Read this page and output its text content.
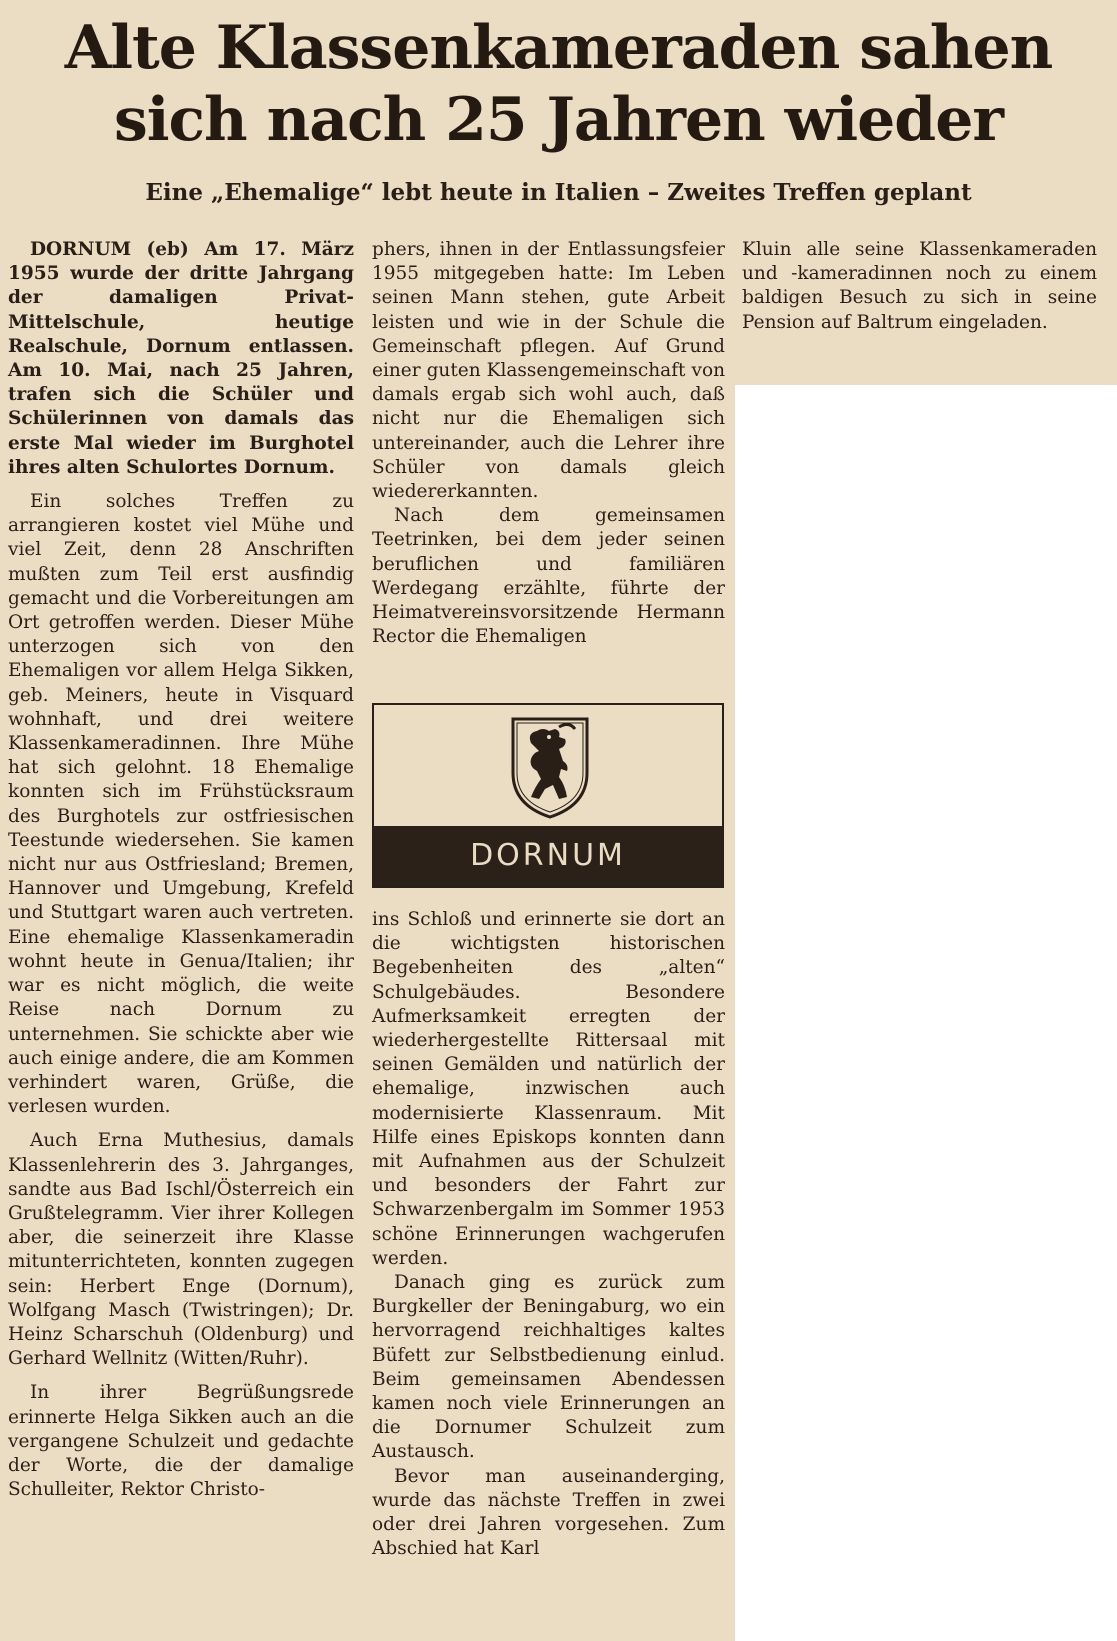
Alte Klassenkameraden sahen
sich nach 25 Jahren wieder
Eine „Ehemalige“ lebt heute in Italien – Zweites Treffen geplant

DORNUM (eb) Am 17. März 1955 wurde der dritte Jahrgang der damaligen Privat-Mittelschule, heutige Realschule, Dornum entlassen. Am 10. Mai, nach 25 Jahren, trafen sich die Schüler und Schülerinnen von damals das erste Mal wieder im Burghotel ihres alten Schulortes Dornum.

Ein solches Treffen zu arrangieren kostet viel Mühe und viel Zeit, denn 28 Anschriften mußten zum Teil erst ausfindig gemacht und die Vorbereitungen am Ort getroffen werden. Dieser Mühe unterzogen sich von den Ehemaligen vor allem Helga Sikken, geb. Meiners, heute in Visquard wohnhaft, und drei weitere Klassenkameradinnen. Ihre Mühe hat sich gelohnt. 18 Ehemalige konnten sich im Frühstücksraum des Burghotels zur ostfriesischen Teestunde wiedersehen. Sie kamen nicht nur aus Ostfriesland; Bremen, Hannover und Umgebung, Krefeld und Stuttgart waren auch vertreten. Eine ehemalige Klassenkameradin wohnt heute in Genua/Italien; ihr war es nicht möglich, die weite Reise nach Dornum zu unternehmen. Sie schickte aber wie auch einige andere, die am Kommen verhindert waren, Grüße, die verlesen wurden.

Auch Erna Muthesius, damals Klassenlehrerin des 3. Jahrganges, sandte aus Bad Ischl/Österreich ein Grußtelegramm. Vier ihrer Kollegen aber, die seinerzeit ihre Klasse mitunterrichteten, konnten zugegen sein: Herbert Enge (Dornum), Wolfgang Masch (Twistringen); Dr. Heinz Scharschuh (Oldenburg) und Gerhard Wellnitz (Witten/Ruhr).

In ihrer Begrüßungsrede erinnerte Helga Sikken auch an die vergangene Schulzeit und gedachte der Worte, die der damalige Schulleiter, Rektor Christo-

phers, ihnen in der Entlassungsfeier 1955 mitgegeben hatte: Im Leben seinen Mann stehen, gute Arbeit leisten und wie in der Schule die Gemeinschaft pflegen. Auf Grund einer guten Klassengemeinschaft von damals ergab sich wohl auch, daß nicht nur die Ehemaligen sich untereinander, auch die Lehrer ihre Schüler von damals gleich wiedererkannten.

Nach dem gemeinsamen Teetrinken, bei dem jeder seinen beruflichen und familiären Werdegang erzählte, führte der Heimatvereinsvorsitzende Hermann Rector die Ehemaligen

DORNUM

ins Schloß und erinnerte sie dort an die wichtigsten historischen Begebenheiten des „alten“ Schulgebäudes. Besondere Aufmerksamkeit erregten der wiederhergestellte Rittersaal mit seinen Gemälden und natürlich der ehemalige, inzwischen auch modernisierte Klassenraum. Mit Hilfe eines Episkops konnten dann mit Aufnahmen aus der Schulzeit und besonders der Fahrt zur Schwarzenbergalm im Sommer 1953 schöne Erinnerungen wachgerufen werden.

Danach ging es zurück zum Burgkeller der Beningaburg, wo ein hervorragend reichhaltiges kaltes Büfett zur Selbstbedienung einlud. Beim gemeinsamen Abendessen kamen noch viele Erinnerungen an die Dornumer Schulzeit zum Austausch.

Bevor man auseinanderging, wurde das nächste Treffen in zwei oder drei Jahren vorgesehen. Zum Abschied hat Karl

Kluin alle seine Klassenkameraden und -kameradinnen noch zu einem baldigen Besuch zu sich in seine Pension auf Baltrum eingeladen.
